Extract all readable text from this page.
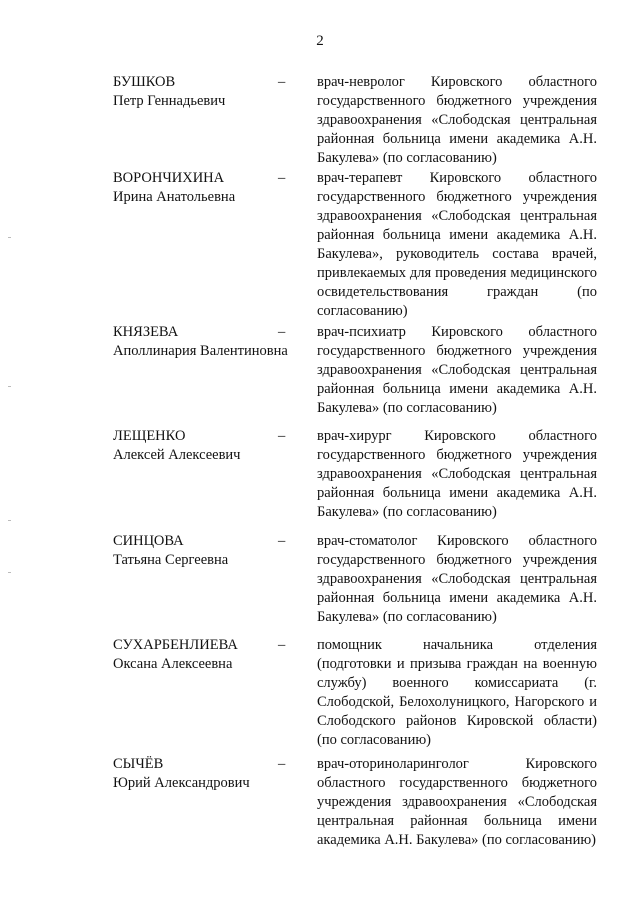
2
БУШКОВ
Петр Геннадьевич
– врач-невролог Кировского областного государственного бюджетного учреждения здравоохранения «Слободская центральная районная больница имени академика А.Н. Бакулева» (по согласованию)
ВОРОНЧИХИНА
Ирина Анатольевна
– врач-терапевт Кировского областного государственного бюджетного учреждения здравоохранения «Слободская центральная районная больница имени академика А.Н. Бакулева», руководитель состава врачей, привлекаемых для проведения медицинского освидетельствования граждан (по согласованию)
КНЯЗЕВА
Аполлинария Валентиновна
– врач-психиатр Кировского областного государственного бюджетного учреждения здравоохранения «Слободская центральная районная больница имени академика А.Н. Бакулева» (по согласованию)
ЛЕЩЕНКО
Алексей Алексеевич
– врач-хирург Кировского областного государственного бюджетного учреждения здравоохранения «Слободская центральная районная больница имени академика А.Н. Бакулева» (по согласованию)
СИНЦОВА
Татьяна Сергеевна
– врач-стоматолог Кировского областного государственного бюджетного учреждения здравоохранения «Слободская центральная районная больница имени академика А.Н. Бакулева» (по согласованию)
СУХАРБЕНЛИЕВА
Оксана Алексеевна
– помощник начальника отделения (подготовки и призыва граждан на военную службу) военного комиссариата (г. Слободской, Белохолуницкого, Нагорского и Слободского районов Кировской области) (по согласованию)
СЫЧЁВ
Юрий Александрович
– врач-оториноларинголог Кировского областного государственного бюджетного учреждения здравоохранения «Слободская центральная районная больница имени академика А.Н. Бакулева» (по согласованию)
